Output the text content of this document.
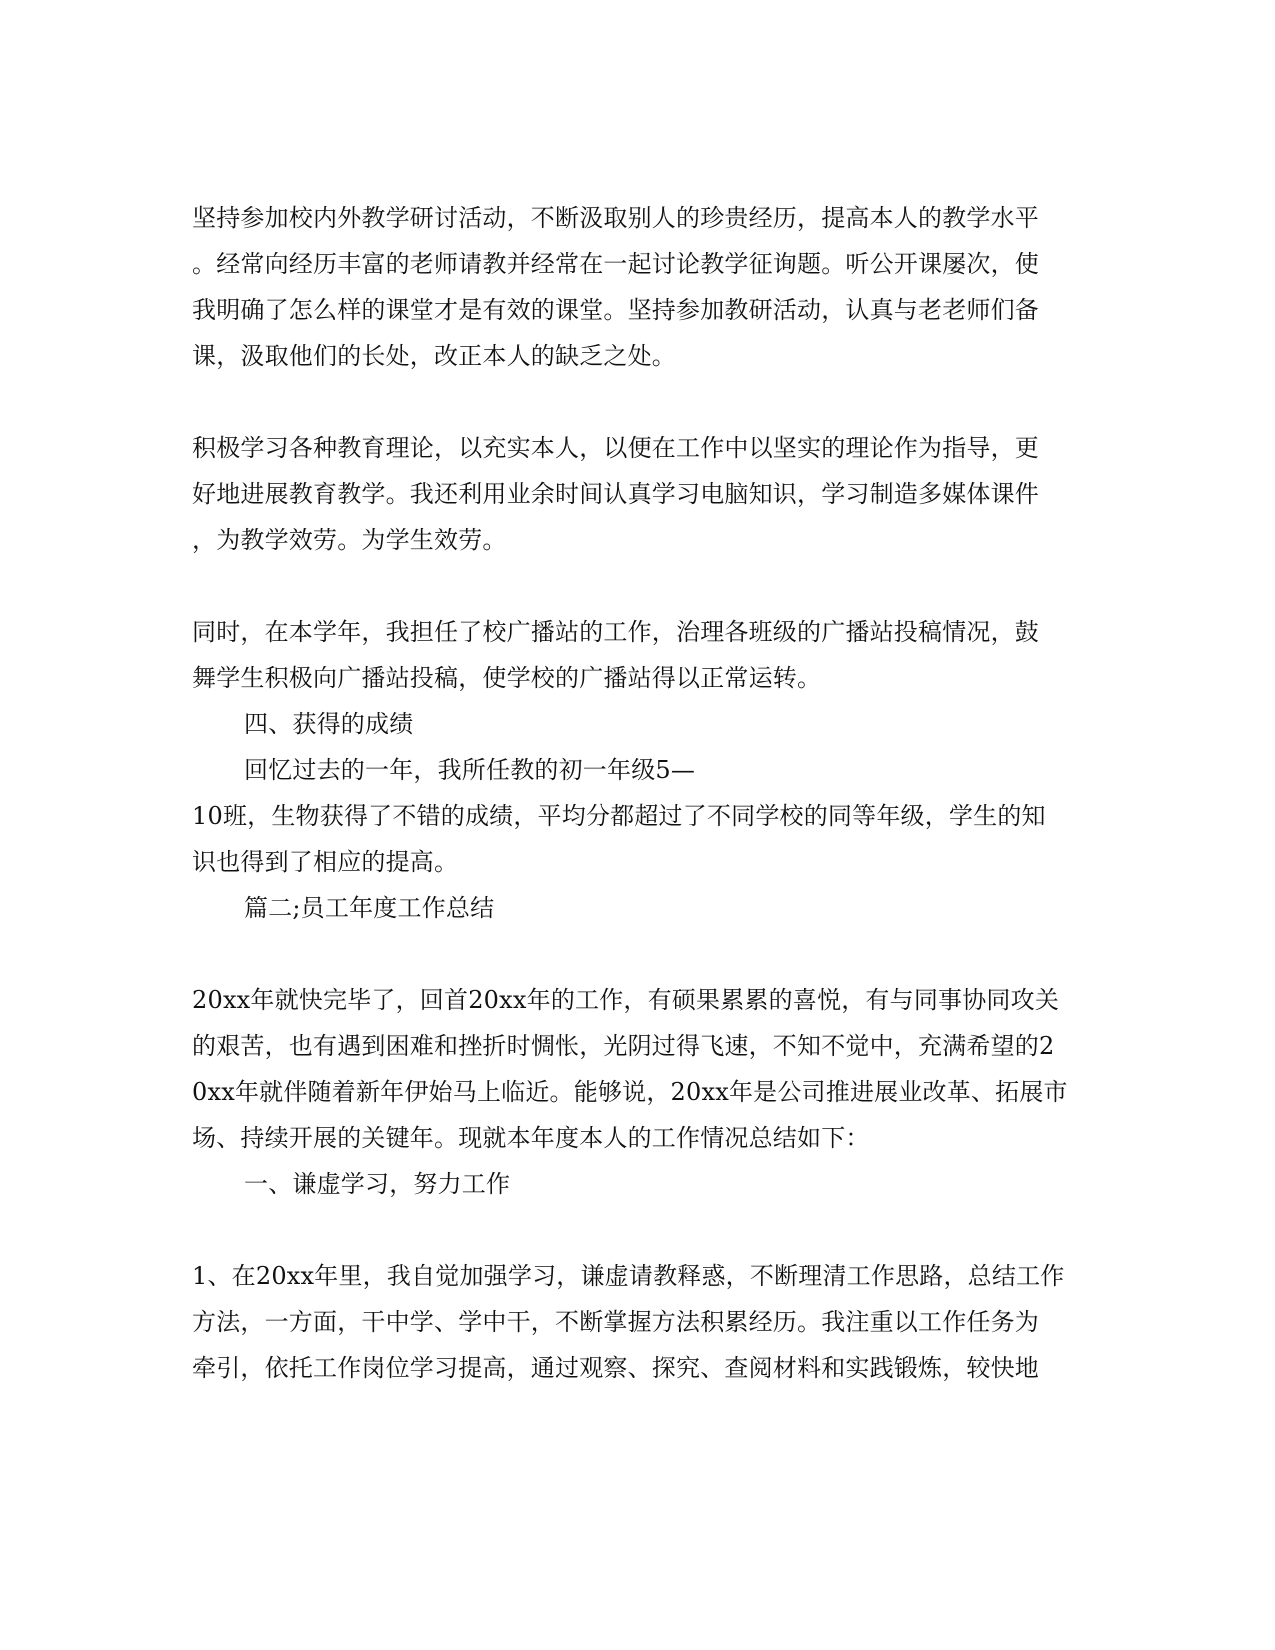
坚持参加校内外教学研讨活动，不断汲取别人的珍贵经历，提高本人的教学水平
。经常向经历丰富的老师请教并经常在一起讨论教学征询题。听公开课屡次，使
我明确了怎么样的课堂才是有效的课堂。坚持参加教研活动，认真与老老师们备
课，汲取他们的长处，改正本人的缺乏之处。
积极学习各种教育理论，以充实本人，以便在工作中以坚实的理论作为指导，更
好地进展教育教学。我还利用业余时间认真学习电脑知识，学习制造多媒体课件
，为教学效劳。为学生效劳。
同时，在本学年，我担任了校广播站的工作，治理各班级的广播站投稿情况，鼓
舞学生积极向广播站投稿，使学校的广播站得以正常运转。
四、获得的成绩
回忆过去的一年，我所任教的初一年级5—
10班，生物获得了不错的成绩，平均分都超过了不同学校的同等年级，学生的知
识也得到了相应的提高。
篇二;员工年度工作总结
20xx年就快完毕了，回首20xx年的工作，有硕果累累的喜悦，有与同事协同攻关
的艰苦，也有遇到困难和挫折时惆怅，光阴过得飞速，不知不觉中，充满希望的2
0xx年就伴随着新年伊始马上临近。能够说，20xx年是公司推进展业改革、拓展市
场、持续开展的关键年。现就本年度本人的工作情况总结如下：
一、谦虚学习，努力工作
1、在20xx年里，我自觉加强学习，谦虚请教释惑，不断理清工作思路，总结工作
方法，一方面，干中学、学中干，不断掌握方法积累经历。我注重以工作任务为
牵引，依托工作岗位学习提高，通过观察、探究、查阅材料和实践锻炼，较快地
